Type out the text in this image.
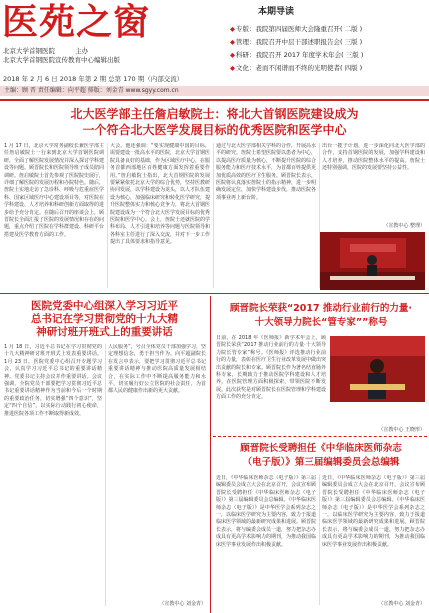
医苑之窗
北京大学首钢医院	主办
北京大学首钢医院宣传教育中心编辑出版
2018 年 2 月 6 日 2018 年第 2 期 总第 170 期（内部交流）
主编：顾 晋 责任编辑：向平超 排版：刘金青 www.sgyy.com.cn
本期导读
◆专版：我院第四届医师大会隆重召开( 二版 )
◆管理：我院召开中层干部述职报告会( 三版 )
◆科研：我院召开 2017 年度学术年会( 三版 )
◆文化：老而不闲谱而不终的光明使者( 四版 )
北大医学部主任詹启敏院士：将北大首钢医院建设成为
一个符合北大医学发展目标的优秀医院和医学中心
1 月 17 日，北京大学常务副校长兼医学部主任詹启敏院士一行来到北京大学首钢医院调研，全面了解医院发展情况并深入探讨学科建设等问题。顾晋院长和医院领导班子成员陪同调研。詹启敏院士首先参观了医院院史展厅，详细了解医院的发展历程和办院特色。随后，詹院士实地走访了急诊科、呼吸与危重症医学科、国家区域医疗中心建设项目等，对医院在学科建设、人才培养和科研创新方面取得的进步给予充分肯定。在随后召开的座谈会上，顾晋院长全面汇报了医院的发展情况和存在的问题，重点介绍了医院在学科群建设、科研平台搭建及医学教育方面的工作。
大会。他还强调：“要实现健康中国的目标，需要建设一批高水平的医院，北京大学首钢医院具备良好的基础，作为区域医疗中心，在服务首都西部地区百姓健康方面发挥着重要作用。”詹启敏院士指出，北大首钢医院的发展要紧紧依托北京大学的综合优势，坚持医教研协同发展，以学科建设为龙头，以人才队伍建设为核心，加强临床研究和转化医学研究，提升医院整体实力和核心竞争力，将北大首钢医院建设成为一个符合北大医学发展目标的优秀医院和医学中心。会上，詹院士还就医院的学科布局、人才引进和培养等问题与医院领导和各科室主任进行了深入交流，并对下一步工作提出了具体要求和指导意见。
通过与北大医学部相关学科的合作，开展高水平的研究。詹院士希望医院要以患者为中心，以提高医疗质量为核心，不断提升医院的综合服务能力和医疗技术水平，为首都百姓提供更加优质高效的医疗卫生服务。顾晋院长表示，医院将认真落实詹院士的指示精神，进一步明确发展定位，加快学科建设步伐，推动医院各项事业再上新台阶。
出台一揽子计划，进一步深化同北大医学部的合作，支持首钢医院的发展，加强学科建设和人才培养，推动医院整体水平的提高。詹院士还特别强调，医院的发展要坚持公益性。
（宣教中心 整理）
医院党委中心组深入学习习近平
总书记在学习贯彻党的十九大精
神研讨班开班式上的重要讲话
1 月 18 日，习近平总书记在学习贯彻党的十九大精神研讨班开班式上发表重要讲话。1月 23 日，医院党委中心组召开专题学习会，认真学习习近平总书记的重要讲话精神。党委书记主持会议并作重要讲话。会议强调，全院党员干部要把学习贯彻习近平总书记重要讲话精神作为当前和今后一个时期的重要政治任务，切实增强“四个意识”，坚定“四个自信”，以实际行动践行初心使命，推进医院各项工作不断取得新成效。
人民服务”，号召全体党员干部加强学习，坚定理想信念，勇于担当作为。向平超副院长在发言中表示，要把学习贯彻习近平总书记重要讲话精神与推动医院高质量发展相结合，在实际工作中不断提高服务能力和水平，切实履行好公立医院的社会责任，为首都人民的健康作出新的更大贡献。
（宣教中心 刘金青）
顾晋院长荣获“2017 推动行业前行的力量·
十大领导力院长“管专家””称号
日前，在 2018 年《医师报》新学术年会上，顾晋院长荣获“2017 推动行业前行的力量·十大领导力院长管专家”称号。《医师报》评选推动行业前行的力量，表彰在医疗卫生行业改革发展中做出突出贡献的院长和专家。顾晋院长作为著名结直肠外科专家，长期致力于推动医院学科建设和人才培养，在医院管理方面积极探索，带领医院不断发展。此次获奖是对顾晋院长在医院管理和学科建设方面工作的充分肯定。
（宣教中心 王晓形）
顾晋院长受聘担任《中华临床医师杂志
（电子版）》第三届编辑委员会总编辑
近日，《中华临床医师杂志（电子版）》第三届编辑委员会成立大会在北京召开，会议宣布顾晋院长受聘担任《中华临床医师杂志（电子版）》第三届编辑委员会总编辑。《中华临床医师杂志（电子版）》是中华医学会系列杂志之一，以临床医学研究为主要内容，致力于报道临床医学领域的最新研究成果和进展。顾晋院长表示，将与编委会成员一道，努力把杂志办成具有更高学术影响力的期刊，为推动我国临床医学事业发展作出积极贡献。
近日，《中华临床医师杂志（电子版）》第三届编辑委员会成立大会在北京召开，会议宣布顾晋院长受聘担任《中华临床医师杂志（电子版）》第三届编辑委员会总编辑。《中华临床医师杂志（电子版）》是中华医学会系列杂志之一，以临床医学研究为主要内容，致力于报道临床医学领域的最新研究成果和进展。顾晋院长表示，将与编委会成员一道，努力把杂志办成具有更高学术影响力的期刊，为推动我国临床医学事业发展作出积极贡献。
（宣教中心 刘金青）
